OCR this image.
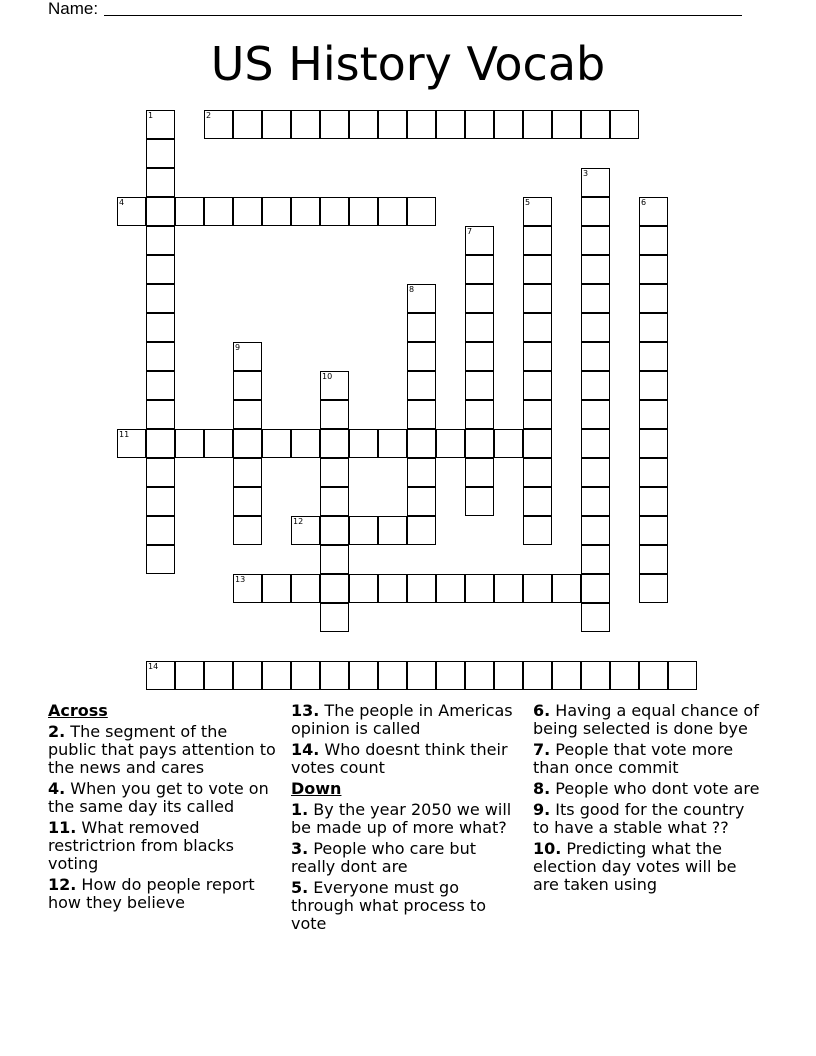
Name:
US History Vocab
2
4
11
12
13
14
1
3
5	6
7
8
9
10
Across
2. The segment of the public that pays attention to the news and cares
4. When you get to vote on the same day its called
11. What removed restrictrion from blacks voting
12. How do people report how they believe
13. The people in Americas opinion is called
14. Who doesnt think their votes count
Down
1. By the year 2050 we will be made up of more what?
3. People who care but really dont are
5. Everyone must go through what process to vote
6. Having a equal chance of being selected is done bye
7. People that vote more than once commit
8. People who dont vote are
9. Its good for the country to have a stable what ??
10. Predicting what the election day votes will be are taken using
